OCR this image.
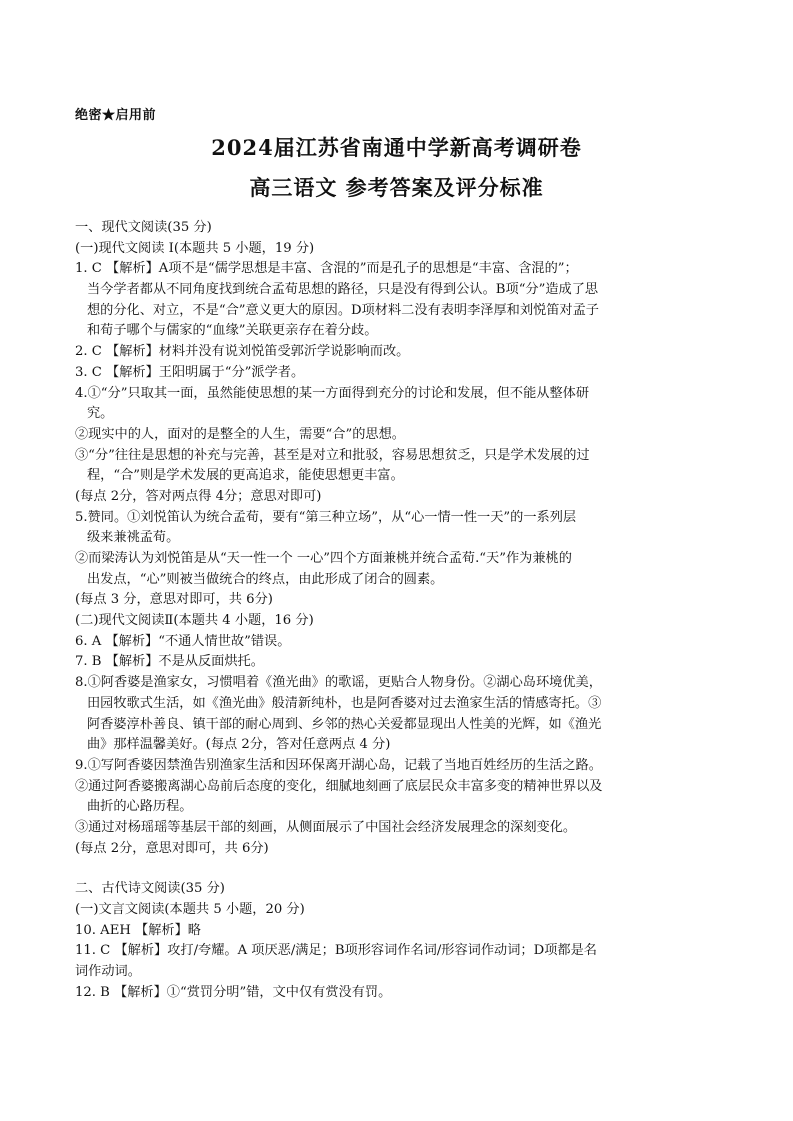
绝密★启用前
2024届江苏省南通中学新高考调研卷
高三语文 参考答案及评分标准
一、现代文阅读(35 分)
(一)现代文阅读 Ⅰ(本题共 5 小题，19 分)
1. C 【解析】A项不是“儒学思想是丰富、含混的”而是孔子的思想是“丰富、含混的”；
当今学者都从不同角度找到统合孟荀思想的路径，只是没有得到公认。B项“分”造成了思
想的分化、对立，不是“合”意义更大的原因。D项材料二没有表明李泽厚和刘悦笛对孟子
和荀子哪个与儒家的“血缘”关联更亲存在着分歧。
2. C 【解析】材料并没有说刘悦笛受郭沂学说影响而改。
3. C 【解析】王阳明属于“分”派学者。
4.①“分”只取其一面，虽然能使思想的某一方面得到充分的讨论和发展，但不能从整体研
究。
②现实中的人，面对的是整全的人生，需要“合”的思想。
③“分”往往是思想的补充与完善，甚至是对立和批驳，容易思想贫乏，只是学术发展的过
程，“合”则是学术发展的更高追求，能使思想更丰富。
(每点 2分，答对两点得 4分；意思对即可)
5.赞同。①刘悦笛认为统合孟荀，要有“第三种立场”，从“心一情一性一天”的一系列层
级来兼祧孟荀。
②而梁涛认为刘悦笛是从“天一性一个 一心”四个方面兼桃并统合孟荀.“天”作为兼桃的
出发点，“心”则被当做统合的终点，由此形成了闭合的圆素。
(每点 3 分，意思对即可，共 6分)
(二)现代文阅读Ⅱ(本题共 4 小题，16 分)
6. A 【解析】“不通人情世故”错误。
7. B 【解析】不是从反面烘托。
8.①阿香婆是渔家女，习惯唱着《渔光曲》的歌谣，更贴合人物身份。②湖心岛环境优美，
田园牧歌式生活，如《渔光曲》般清新纯朴，也是阿香婆对过去渔家生活的情感寄托。③
阿香婆淳朴善良、镇干部的耐心周到、乡邻的热心关爱都显现出人性美的光辉，如《渔光
曲》那样温馨美好。(每点 2分，答对任意两点 4 分)
9.①写阿香婆因禁渔告别渔家生活和因环保离开湖心岛，记载了当地百姓经历的生活之路。
②通过阿香婆搬离湖心岛前后态度的变化，细腻地刻画了底层民众丰富多变的精神世界以及
曲折的心路历程。
③通过对杨瑶瑶等基层干部的刻画，从侧面展示了中国社会经济发展理念的深刻变化。
(每点 2分，意思对即可，共 6分)
二、古代诗文阅读(35 分)
(一)文言文阅读(本题共 5 小题，20 分)
10. AEH 【解析】略
11. C 【解析】攻打/夸耀。A 项厌恶/满足；B项形容词作名词/形容词作动词；D项都是名
词作动词。
12. B 【解析】①“赏罚分明”错，文中仅有赏没有罚。
